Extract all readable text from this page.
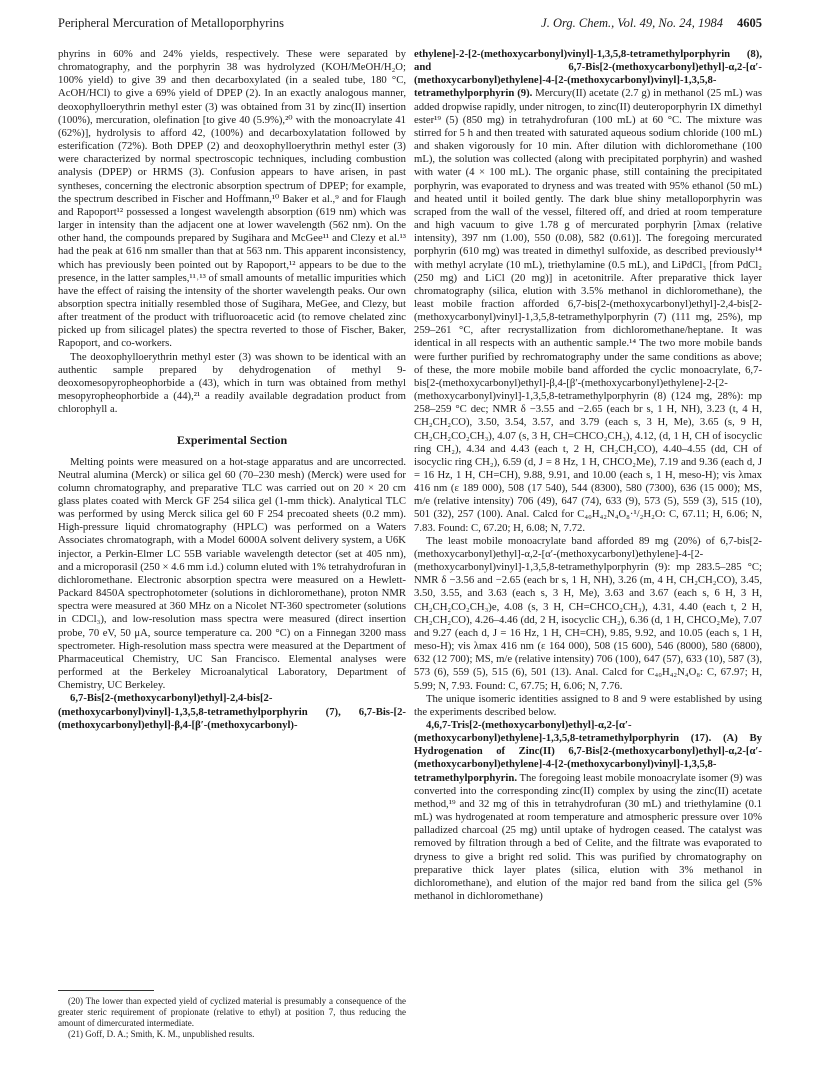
Peripheral Mercuration of Metalloporphyrins	J. Org. Chem., Vol. 49, No. 24, 1984 4605

phyrins in 60% and 24% yields, respectively. These were separated by chromatography, and the porphyrin 38 was hydrolyzed (KOH/MeOH/H₂O; 100% yield) to give 39 and then decarboxylated (in a sealed tube, 180 °C, AcOH/HCl) to give a 69% yield of DPEP (2). In an exactly analogous manner, deoxophylloerythrin methyl ester (3) was obtained from 31 by zinc(II) insertion (100%), mercuration, olefination [to give 40 (5.9%),²⁰ with the monoacrylate 41 (62%)], hydrolysis to afford 42, (100%) and decarboxylatation followed by esterification (72%). Both DPEP (2) and deoxophylloerythrin methyl ester (3) were characterized by normal spectroscopic techniques, including combustion analysis (DPEP) or HRMS (3). Confusion appears to have arisen, in past syntheses, concerning the electronic absorption spectrum of DPEP; for example, the spectrum described in Fischer and Hoffmann,¹⁰ Baker et al.,⁹ and for Flaugh and Rapoport¹² possessed a longest wavelength absorption (619 nm) which was larger in intensity than the adjacent one at lower wavelength (562 nm). On the other hand, the compounds prepared by Sugihara and McGee¹¹ and Clezy et al.¹³ had the peak at 616 nm smaller than that at 563 nm. This apparent inconsistency, which has previously been pointed out by Rapoport,¹² appears to be due to the presence, in the latter samples,¹¹˒¹³ of small amounts of metallic impurities which have the effect of raising the intensity of the shorter wavelength peaks. Our own absorption spectra initially resembled those of Sugihara, MeGee, and Clezy, but after treatment of the product with trifluoroacetic acid (to remove chelated zinc picked up from silicagel plates) the spectra reverted to those of Fischer, Baker, Rapoport, and co-workers.

The deoxophylloerythrin methyl ester (3) was shown to be identical with an authentic sample prepared by dehydrogenation of methyl 9-deoxomesopyropheophorbide a (43), which in turn was obtained from methyl mesopyropheophorbide a (44),²¹ a readily available degradation product from chlorophyll a.

Experimental Section

Melting points were measured on a hot-stage apparatus and are uncorrected. Neutral alumina (Merck) or silica gel 60 (70–230 mesh) (Merck) were used for column chromatography, and preparative TLC was carried out on 20 × 20 cm glass plates coated with Merck GF 254 silica gel (1-mm thick). Analytical TLC was performed by using Merck silica gel 60 F 254 precoated sheets (0.2 mm). High-pressure liquid chromatography (HPLC) was performed on a Waters Associates chromatograph, with a Model 6000A solvent delivery system, a U6K injector, a Perkin-Elmer LC 55B variable wavelength detector (set at 405 nm), and a microporasil (250 × 4.6 mm i.d.) column eluted with 1% tetrahydrofuran in dichloromethane. Electronic absorption spectra were measured on a Hewlett-Packard 8450A spectrophotometer (solutions in dichloromethane), proton NMR spectra were measured at 360 MHz on a Nicolet NT-360 spectrometer (solutions in CDCl₃), and low-resolution mass spectra were measured (direct insertion probe, 70 eV, 50 μA, source temperature ca. 200 °C) on a Finnegan 3200 mass spectrometer. High-resolution mass spectra were measured at the Department of Pharmaceutical Chemistry, UC San Francisco. Elemental analyses were performed at the Berkeley Microanalytical Laboratory, Department of Chemistry, UC Berkeley.

6,7-Bis[2-(methoxycarbonyl)ethyl]-2,4-bis[2-(methoxycarbonyl)vinyl]-1,3,5,8-tetramethylporphyrin (7), 6,7-Bis-[2-(methoxycarbonyl)ethyl]-β,4-[β′-(methoxycarbonyl)-

ethylene]-2-[2-(methoxycarbonyl)vinyl]-1,3,5,8-tetramethylporphyrin (8), and 6,7-Bis[2-(methoxycarbonyl)ethyl]-α,2-[α′-(methoxycarbonyl)ethylene]-4-[2-(methoxycarbonyl)vinyl]-1,3,5,8-tetramethylporphyrin (9). Mercury(II) acetate (2.7 g) in methanol (25 mL) was added dropwise rapidly, under nitrogen, to zinc(II) deuteroporphyrin IX dimethyl ester¹⁹ (5) (850 mg) in tetrahydrofuran (100 mL) at 60 °C. The mixture was stirred for 5 h and then treated with saturated aqueous sodium chloride (100 mL) and shaken vigorously for 10 min. After dilution with dichloromethane (100 mL), the solution was collected (along with precipitated porphyrin) and washed with water (4 × 100 mL). The organic phase, still containing the precipitated porphyrin, was evaporated to dryness and was treated with 95% ethanol (50 mL) and heated until it boiled gently. The dark blue shiny metalloporphyrin was scraped from the wall of the vessel, filtered off, and dried at room temperature and high vacuum to give 1.78 g of mercurated porphyrin [λmax (relative intensity), 397 nm (1.00), 550 (0.08), 582 (0.61)]. The foregoing mercurated porphyrin (610 mg) was treated in dimethyl sulfoxide, as described previously¹⁴ with methyl acrylate (10 mL), triethylamine (0.5 mL), and LiPdCl₃ [from PdCl₂ (250 mg) and LiCl (20 mg)] in acetonitrile. After preparative thick layer chromatography (silica, elution with 3.5% methanol in dichloromethane), the least mobile fraction afforded 6,7-bis[2-(methoxycarbonyl)ethyl]-2,4-bis[2-(methoxycarbonyl)vinyl]-1,3,5,8-tetramethylporphyrin (7) (111 mg, 25%), mp 259–261 °C, after recrystallization from dichloromethane/heptane. It was identical in all respects with an authentic sample.¹⁴ The two more mobile bands were further purified by rechromatography under the same conditions as above; of these, the more mobile mobile band afforded the cyclic monoacrylate, 6,7-bis[2-(methoxycarbonyl)ethyl]-β,4-[β′-(methoxycarbonyl)ethylene]-2-[2-(methoxycarbonyl)vinyl]-1,3,5,8-tetramethylporphyrin (8) (124 mg, 28%): mp 258–259 °C dec; NMR δ −3.55 and −2.65 (each br s, 1 H, NH), 3.23 (t, 4 H, CH₂CH₂CO), 3.50, 3.54, 3.57, and 3.79 (each s, 3 H, Me), 3.65 (s, 9 H, CH₂CH₂CO₂CH₃), 4.07 (s, 3 H, CH=CHCO₂CH₃), 4.12, (d, 1 H, CH of isocyclic ring CH₂), 4.34 and 4.43 (each t, 2 H, CH₂CH₂CO), 4.40–4.55 (dd, CH of isocyclic ring CH₂), 6.59 (d, J = 8 Hz, 1 H, CHCO₂Me), 7.19 and 9.36 (each d, J = 16 Hz, 1 H, CH=CH), 9.88, 9.91, and 10.00 (each s, 1 H, meso-H); vis λmax 416 nm (ε 189 000), 508 (17 540), 544 (8300), 580 (7300), 636 (15 000); MS, m/e (relative intensity) 706 (49), 647 (74), 633 (9), 573 (5), 559 (3), 515 (10), 501 (32), 257 (100). Anal. Calcd for C₄₀H₄₂N₄O₈·¹/₂H₂O: C, 67.11; H, 6.06; N, 7.83. Found: C, 67.20; H, 6.08; N, 7.72.

The least mobile monoacrylate band afforded 89 mg (20%) of 6,7-bis[2-(methoxycarbonyl)ethyl]-α,2-[α′-(methoxycarbonyl)ethylene]-4-[2-(methoxycarbonyl)vinyl]-1,3,5,8-tetramethylporphyrin (9): mp 283.5–285 °C; NMR δ −3.56 and −2.65 (each br s, 1 H, NH), 3.26 (m, 4 H, CH₂CH₂CO), 3.45, 3.50, 3.55, and 3.63 (each s, 3 H, Me), 3.63 and 3.67 (each s, 6 H, 3 H, CH₂CH₂CO₂CH₃)e, 4.08 (s, 3 H, CH=CHCO₂CH₃), 4.31, 4.40 (each t, 2 H, CH₂CH₂CO), 4.26–4.46 (dd, 2 H, isocyclic CH₂), 6.36 (d, 1 H, CHCO₂Me), 7.07 and 9.27 (each d, J = 16 Hz, 1 H, CH=CH), 9.85, 9.92, and 10.05 (each s, 1 H, meso-H); vis λmax 416 nm (ε 164 000), 508 (15 600), 546 (8000), 580 (6800), 632 (12 700); MS, m/e (relative intensity) 706 (100), 647 (57), 633 (10), 587 (3), 573 (6), 559 (5), 515 (6), 501 (13). Anal. Calcd for C₄₀H₄₂N₄O₈: C, 67.97; H, 5.99; N, 7.93. Found: C, 67.75; H, 6.06; N, 7.76.

The unique isomeric identities assigned to 8 and 9 were established by using the experiments described below.

4,6,7-Tris[2-(methoxycarbonyl)ethyl]-α,2-[α′-(methoxycarbonyl)ethylene]-1,3,5,8-tetramethylporphyrin (17). (A) By Hydrogenation of Zinc(II) 6,7-Bis[2-(methoxycarbonyl)ethyl]-α,2-[α′-(methoxycarbonyl)ethylene]-4-[2-(methoxycarbonyl)vinyl]-1,3,5,8-tetramethylporphyrin. The foregoing least mobile monoacrylate isomer (9) was converted into the corresponding zinc(II) complex by using the zinc(II) acetate method,¹⁹ and 32 mg of this in tetrahydrofuran (30 mL) and triethylamine (0.1 mL) was hydrogenated at room temperature and atmospheric pressure over 10% palladized charcoal (25 mg) until uptake of hydrogen ceased. The catalyst was removed by filtration through a bed of Celite, and the filtrate was evaporated to dryness to give a bright red solid. This was purified by chromatography on preparative thick layer plates (silica, elution with 3% methanol in dichloromethane), and elution of the major red band from the silica gel (5% methanol in dichloromethane)

(20) The lower than expected yield of cyclized material is presumably a consequence of the greater steric requirement of propionate (relative to ethyl) at position 7, thus reducing the amount of dimercurated intermediate.

(21) Goff, D. A.; Smith, K. M., unpublished results.
